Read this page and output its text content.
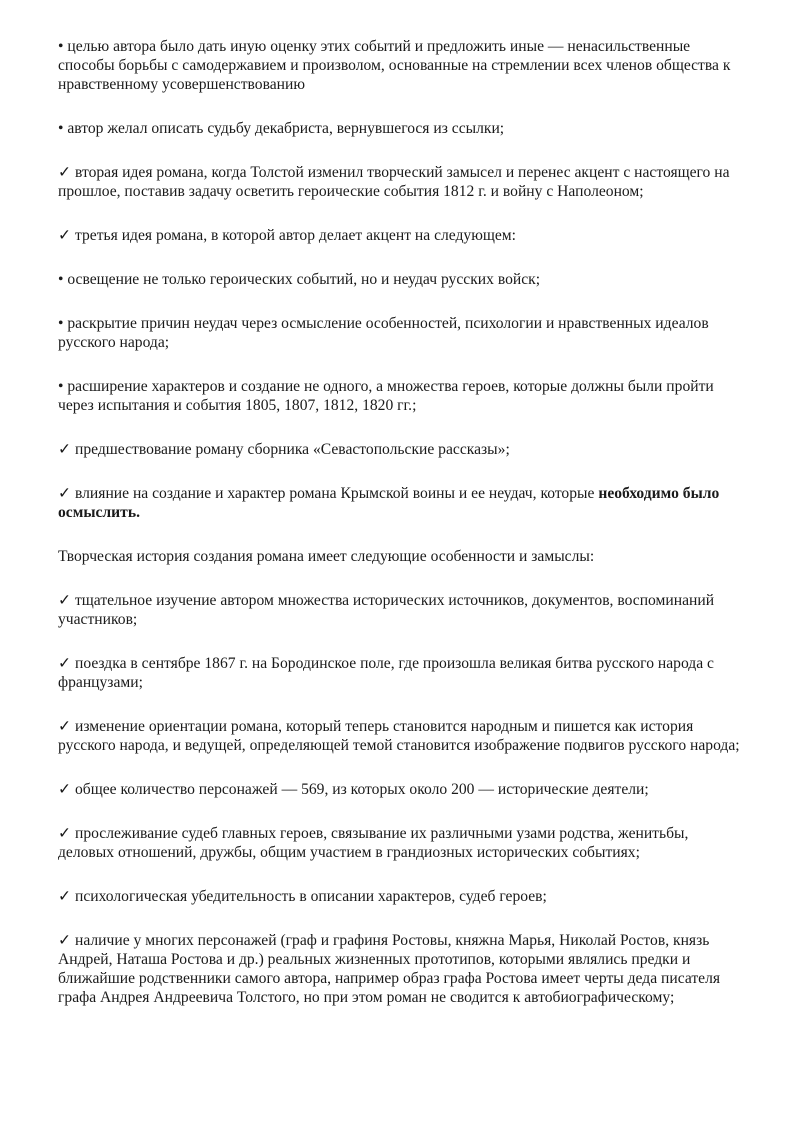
• целью автора было дать иную оценку этих событий и предложить иные — ненасильственные способы борьбы с самодержавием и произволом, основанные на стремлении всех членов общества к нравственному усовершенствованию

• автор желал описать судьбу декабриста, вернувшегося из ссылки;

✓ вторая идея романа, когда Толстой изменил творческий замысел и перенес акцент с настоящего на прошлое, поставив задачу осветить героические события 1812 г. и войну с Наполеоном;

✓ третья идея романа, в которой автор делает акцент на следующем:

• освещение не только героических событий, но и неудач русских войск;

• раскрытие причин неудач через осмысление особенностей, психологии и нравственных идеалов русского народа;

• расширение характеров и создание не одного, а множества героев, которые должны были пройти через испытания и события 1805, 1807, 1812, 1820 гг.;

✓ предшествование роману сборника «Севастопольские рассказы»;

✓ влияние на создание и характер романа Крымской воины и ее неудач, которые необходимо было осмыслить.

Творческая история создания романа имеет следующие особенности и замыслы:

✓ тщательное изучение автором множества исторических источников, документов, воспоминаний участников;

✓ поездка в сентябре 1867 г. на Бородинское поле, где произошла великая битва русского народа с французами;

✓ изменение ориентации романа, который теперь становится народным и пишется как история русского народа, и ведущей, определяющей темой становится изображение подвигов русского народа;

✓ общее количество персонажей — 569, из которых около 200 — исторические деятели;

✓ прослеживание судеб главных героев, связывание их различными узами родства, женитьбы, деловых отношений, дружбы, общим участием в грандиозных исторических событиях;

✓ психологическая убедительность в описании характеров, судеб героев;

✓ наличие у многих персонажей (граф и графиня Ростовы, княжна Марья, Николай Ростов, князь Андрей, Наташа Ростова и др.) реальных жизненных прототипов, которыми являлись предки и ближайшие родственники самого автора, например образ графа Ростова имеет черты деда писателя графа Андрея Андреевича Толстого, но при этом роман не сводится к автобиографическому;
